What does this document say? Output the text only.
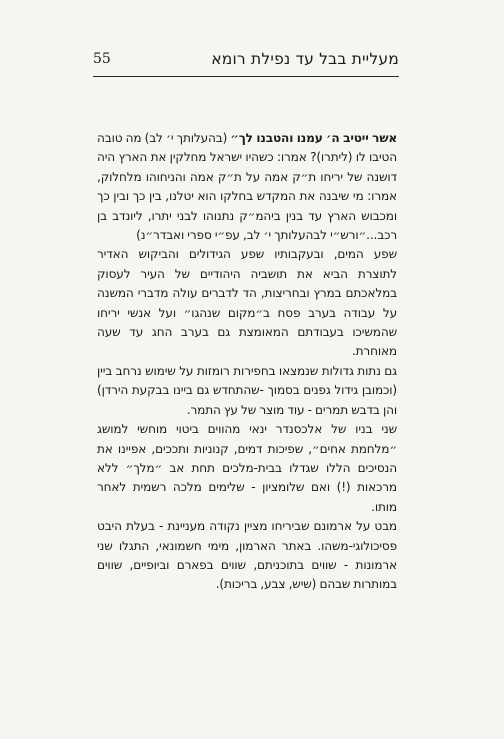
מעליית בבל עד נפילת רומא
55

אשר ייטיב ה׳ עמנו והטבנו לך״ (בהעלותך י׳ לב) מה טובה הטיבו לו (ליתרו)? אמרו: כשהיו ישראל מחלקין את הארץ היה דושנה של יריחו ת״ק אמה על ת״ק אמה והניחוהו מלחלוק, אמרו: מי שיבנה את המקדש בחלקו הוא יטלנו, בין כך ובין כך ומכבוש הארץ עד בנין ביהמ״ק נתנוהו לבני יתרו, ליונדב בן רכב...״ורש״י לבהעלותך י׳ לב, עפ״י ספרי ואבדר״נ)

שפע המים, ובעקבותיו שפע הגידולים והביקוש האדיר לתוצרת הביא את תושביה היהודיים של העיר לעסוק במלאכתם במרץ ובחריצות, הד לדברים עולה מדברי המשנה על עבודה בערב פסח ב״מקום שנהגו״ ועל אנשי יריחו שהמשיכו בעבודתם המאומצת גם בערב החג עד שעה מאוחרת.

גם נתות גדולות שנמצאו בחפירות רומזות על שימוש נרחב ביין (וכמובן גידול גפנים בסמוך -שהתחדש גם ביינו בבקעת הירדן) והן בדבש תמרים - עוד מוצר של עץ התמר.

שני בניו של אלכסנדר ינאי מהווים ביטוי מוחשי למושג ״מלחמת אחים״, שפיכות דמים, קנוניות ותככים, אפיינו את הנסיכים הללו שגדלו בבית-מלכים תחת אב ״מלך״ ללא מרכאות (!) ואם שלומציון - שלימים מלכה רשמית לאחר מותו.

מבט על ארמונם שביריחו מציין נקודה מעניינת - בעלת היבט פסיכולוגי-משהו. באתר הארמון, מימי חשמונאי, התגלו שני ארמונות - שווים בתוכניתם, שווים בפארם וביופיים, שווים במותרות שבהם (שיש, צבע, בריכות).
